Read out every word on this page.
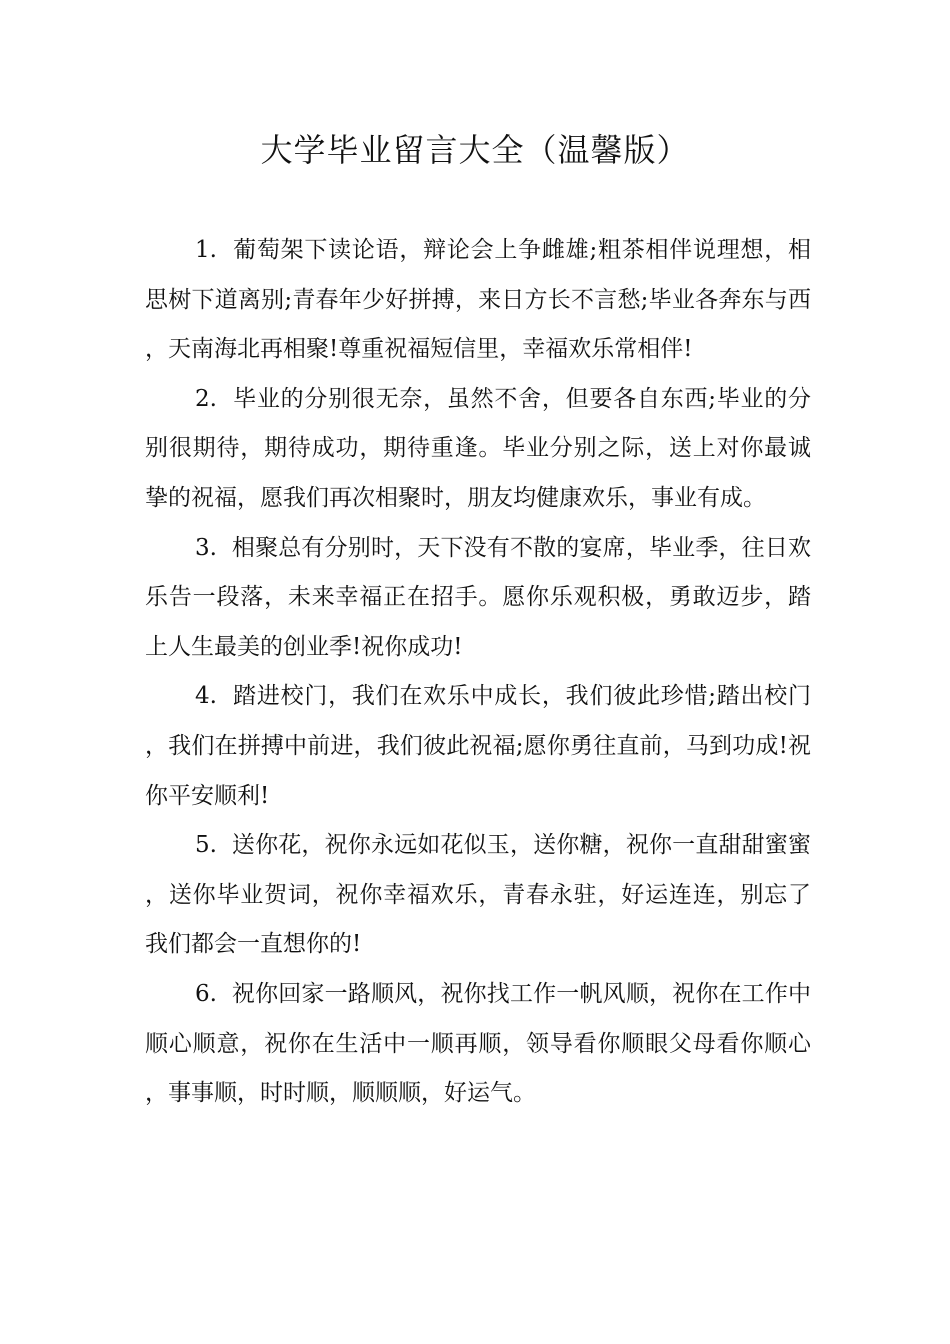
大学毕业留言大全（温馨版）

1. 葡萄架下读论语，辩论会上争雌雄;粗茶相伴说理想，相思树下道离别;青春年少好拼搏，来日方长不言愁;毕业各奔东与西，天南海北再相聚!尊重祝福短信里，幸福欢乐常相伴!

2. 毕业的分别很无奈，虽然不舍，但要各自东西;毕业的分别很期待，期待成功，期待重逢。毕业分别之际，送上对你最诚挚的祝福，愿我们再次相聚时，朋友均健康欢乐，事业有成。

3. 相聚总有分别时，天下没有不散的宴席，毕业季，往日欢乐告一段落，未来幸福正在招手。愿你乐观积极，勇敢迈步，踏上人生最美的创业季!祝你成功!

4. 踏进校门，我们在欢乐中成长，我们彼此珍惜;踏出校门，我们在拼搏中前进，我们彼此祝福;愿你勇往直前，马到功成!祝你平安顺利!

5. 送你花，祝你永远如花似玉，送你糖，祝你一直甜甜蜜蜜，送你毕业贺词，祝你幸福欢乐，青春永驻，好运连连，别忘了我们都会一直想你的!

6. 祝你回家一路顺风，祝你找工作一帆风顺，祝你在工作中顺心顺意，祝你在生活中一顺再顺，领导看你顺眼父母看你顺心，事事顺，时时顺，顺顺顺，好运气。
